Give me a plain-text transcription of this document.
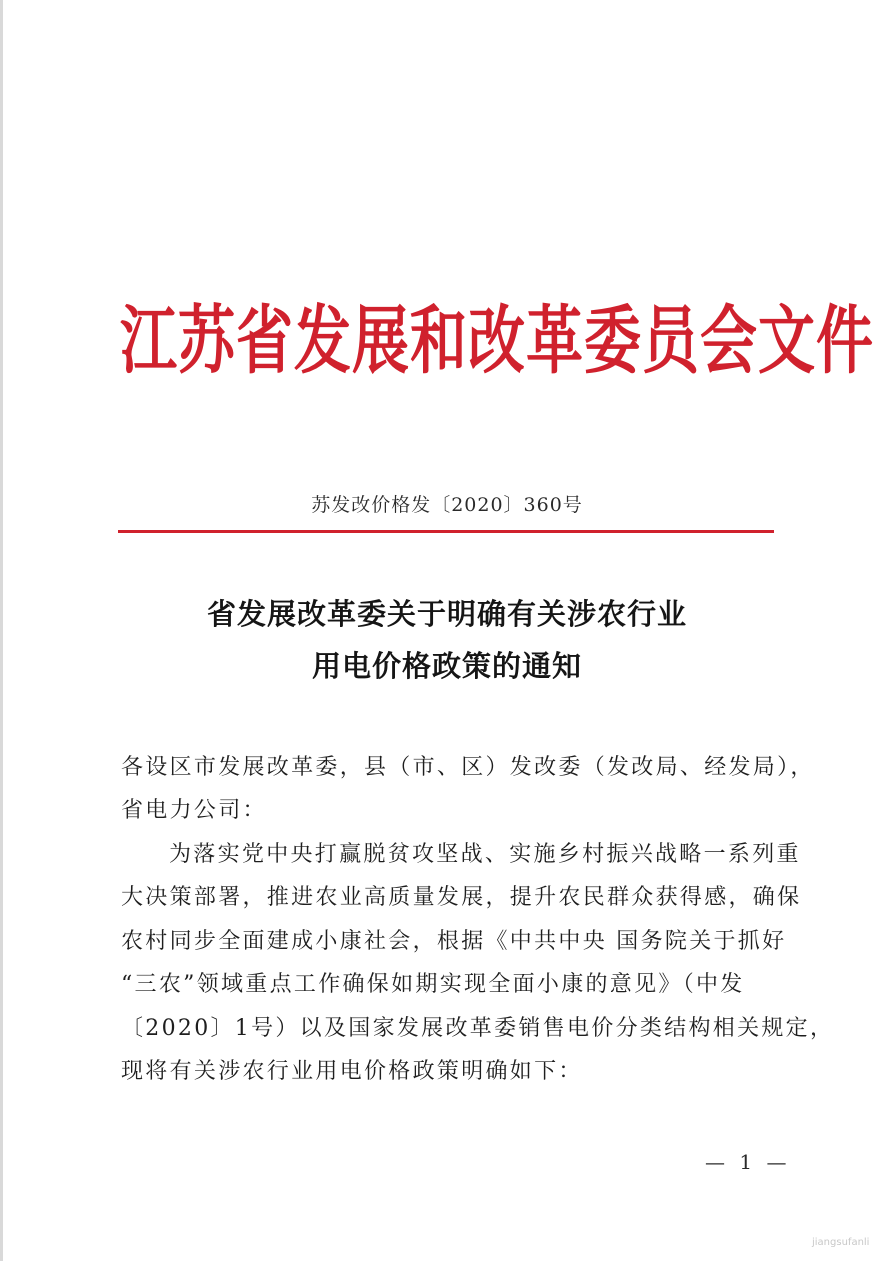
江苏省发展和改革委员会文件
苏发改价格发〔2020〕360号
省发展改革委关于明确有关涉农行业
用电价格政策的通知
各设区市发展改革委，县（市、区）发改委（发改局、经发局），
省电力公司：
为落实党中央打赢脱贫攻坚战、实施乡村振兴战略一系列重
大决策部署，推进农业高质量发展，提升农民群众获得感，确保
农村同步全面建成小康社会，根据《中共中央 国务院关于抓好
“三农”领域重点工作确保如期实现全面小康的意见》（中发
〔2020〕1号）以及国家发展改革委销售电价分类结构相关规定，
现将有关涉农行业用电价格政策明确如下：
— 1 —
jiangsufanli
